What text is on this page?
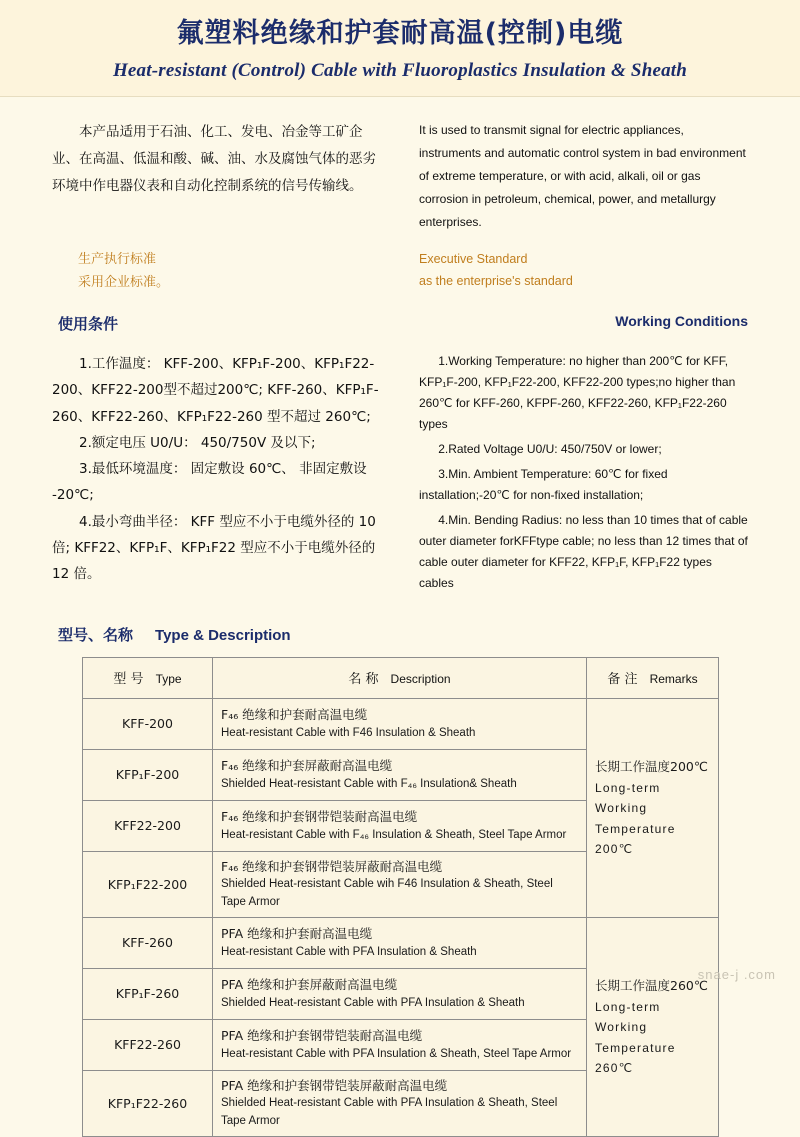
氟塑料绝缘和护套耐高温(控制)电缆
Heat-resistant (Control) Cable with Fluoroplastics Insulation & Sheath
本产品适用于石油、化工、发电、冶金等工矿企业、在高温、低温和酸、碱、油、水及腐蚀气体的恶劣环境中作电器仪表和自动化控制系统的信号传输线。
It is used to transmit signal for electric appliances, instruments and automatic control system in bad environment of extreme temperature, or with acid, alkali, oil or gas corrosion in petroleum, chemical, power, and metallurgy enterprises.
生产执行标准
采用企业标准。
Executive Standard
as the enterprise's standard
使用条件	Working Conditions

1.工作温度： KFF-200、KFP₁F-200、KFP₁F22-200、KFF22-200型不超过200℃; KFF-260、KFP₁F-260、KFF22-260、KFP₁F22-260 型不超过 260℃;

2.额定电压 U0/U： 450/750V 及以下;

3.最低环境温度： 固定敷设 60℃、 非固定敷设 -20℃;

4.最小弯曲半径： KFF 型应不小于电缆外径的 10 倍; KFF22、KFP₁F、KFP₁F22 型应不小于电缆外径的 12 倍。

1.Working Temperature: no higher than 200℃ for KFF, KFP₁F-200, KFP₁F22-200, KFF22-200 types;no higher than 260℃ for KFF-260, KFPF-260, KFF22-260, KFP₁F22-260 types

2.Rated Voltage U0/U: 450/750V or lower;

3.Min. Ambient Temperature: 60℃ for fixed installation;-20℃ for non-fixed installation;

4.Min. Bending Radius: no less than 10 times that of cable outer diameter forKFFtype cable; no less than 12 times that of cable outer diameter for KFF22, KFP₁F, KFP₁F22 types cables

型号、名称 Type & Description
型 号 Type	名 称 Description	备 注 Remarks
KFF-200	F₄₆ 绝缘和护套耐高温电缆
Heat-resistant Cable with F46 Insulation & Sheath	长期工作温度200℃
Long-term Working
Temperature 200℃

KFP₁F-200	F₄₆ 绝缘和护套屏蔽耐高温电缆
Shielded Heat-resistant Cable with F₄₆ Insulation& Sheath	

KFF22-200	F₄₆ 绝缘和护套钢带铠装耐高温电缆
Heat-resistant Cable with F₄₆ Insulation & Sheath, Steel Tape Armor	

KFP₁F22-200	F₄₆ 绝缘和护套钢带铠装屏蔽耐高温电缆
Shielded Heat-resistant Cable wih F46 Insulation & Sheath, Steel Tape Armor	

KFF-260	PFA 绝缘和护套耐高温电缆
Heat-resistant Cable with PFA Insulation & Sheath	长期工作温度260℃
Long-term Working
Temperature 260℃

KFP₁F-260	PFA 绝缘和护套屏蔽耐高温电缆
Shielded Heat-resistant Cable with PFA Insulation & Sheath	

KFF22-260	PFA 绝缘和护套钢带铠装耐高温电缆
Heat-resistant Cable with PFA Insulation & Sheath, Steel Tape Armor	

KFP₁F22-260	PFA 绝缘和护套钢带铠装屏蔽耐高温电缆
Shielded Heat-resistant Cable with PFA Insulation & Sheath, Steel Tape Armor	
snae-j .com
